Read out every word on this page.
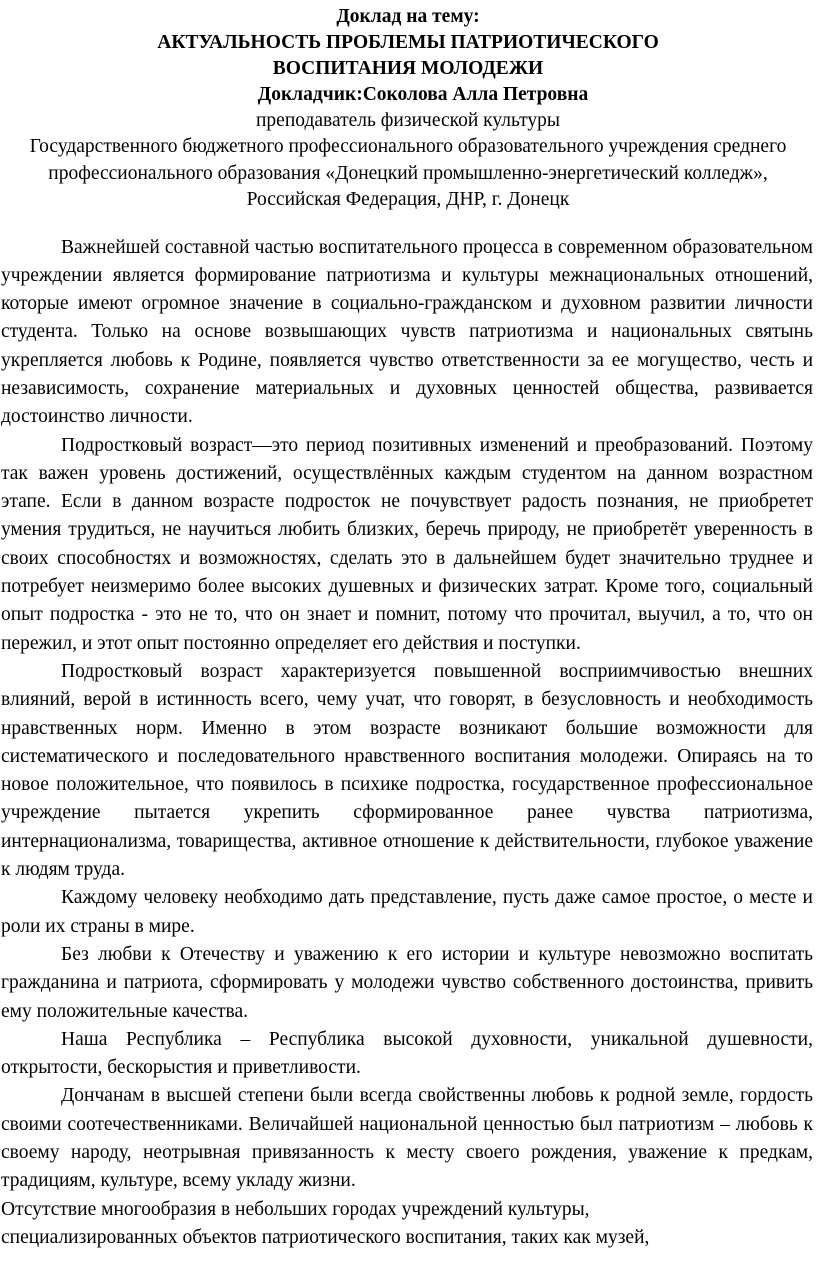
Доклад на тему:

АКТУАЛЬНОСТЬ ПРОБЛЕМЫ ПАТРИОТИЧЕСКОГО

ВОСПИТАНИЯ МОЛОДЕЖИ

Докладчик:Соколова Алла Петровна

преподаватель физической культуры

Государственного бюджетного профессионального образовательного учреждения среднего профессионального образования «Донецкий промышленно-энергетический колледж»,

Российская Федерация, ДНР, г. Донецк

Важнейшей составной частью воспитательного процесса в современном образовательном учреждении является формирование патриотизма и культуры межнациональных отношений, которые имеют огромное значение в социально-гражданском и духовном развитии личности студента. Только на основе возвышающих чувств патриотизма и национальных святынь укрепляется любовь к Родине, появляется чувство ответственности за ее могущество, честь и независимость, сохранение материальных и духовных ценностей общества, развивается достоинство личности.

Подростковый возраст—это период позитивных изменений и преобразований. Поэтому так важен уровень достижений, осуществлённых каждым студентом на данном возрастном этапе. Если в данном возрасте подросток не почувствует радость познания, не приобретет умения трудиться, не научиться любить близких, беречь природу, не приобретёт уверенность в своих способностях и возможностях, сделать это в дальнейшем будет значительно труднее и потребует неизмеримо более высоких душевных и физических затрат. Кроме того, социальный опыт подростка - это не то, что он знает и помнит, потому что прочитал, выучил, а то, что он пережил, и этот опыт постоянно определяет его действия и поступки.

Подростковый возраст характеризуется повышенной восприимчивостью внешних влияний, верой в истинность всего, чему учат, что говорят, в безусловность и необходимость нравственных норм. Именно в этом возрасте возникают большие возможности для систематического и последовательного нравственного воспитания молодежи. Опираясь на то новое положительное, что появилось в психике подростка, государственное профессиональное учреждение пытается укрепить сформированное ранее чувства патриотизма, интернационализма, товарищества, активное отношение к действительности, глубокое уважение к людям труда.

Каждому человеку необходимо дать представление, пусть даже самое простое, о месте и роли их страны в мире.

Без любви к Отечеству и уважению к его истории и культуре невозможно воспитать гражданина и патриота, сформировать у молодежи чувство собственного достоинства, привить ему положительные качества.

Наша Республика – Республика высокой духовности, уникальной душевности, открытости, бескорыстия и приветливости.

Дончанам в высшей степени были всегда свойственны любовь к родной земле, гордость своими соотечественниками. Величайшей национальной ценностью был патриотизм – любовь к своему народу, неотрывная привязанность к месту своего рождения, уважение к предкам, традициям, культуре, всему укладу жизни.

Отсутствие многообразия в небольших городах учреждений культуры,

специализированных объектов патриотического воспитания, таких как музей,
